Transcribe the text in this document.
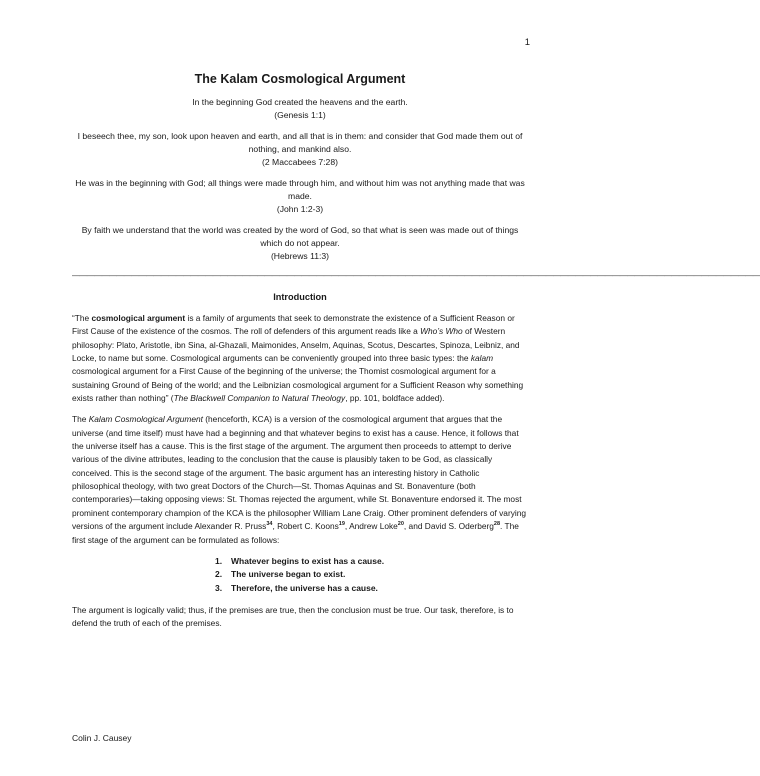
1
The Kalam Cosmological Argument
In the beginning God created the heavens and the earth.
(Genesis 1:1)
I beseech thee, my son, look upon heaven and earth, and all that is in them: and consider that God made them out of nothing, and mankind also.
(2 Maccabees 7:28)
He was in the beginning with God; all things were made through him, and without him was not anything made that was made.
(John 1:2-3)
By faith we understand that the world was created by the word of God, so that what is seen was made out of things which do not appear.
(Hebrews 11:3)
—————————————————————————————————————————————————————————————————————————————————————————————
Introduction

“The cosmological argument is a family of arguments that seek to demonstrate the existence of a Sufficient Reason or First Cause of the existence of the cosmos. The roll of defenders of this argument reads like a Who’s Who of Western philosophy: Plato, Aristotle, ibn Sina, al-Ghazali, Maimonides, Anselm, Aquinas, Scotus, Descartes, Spinoza, Leibniz, and Locke, to name but some. Cosmological arguments can be conveniently grouped into three basic types: the kalam cosmological argument for a First Cause of the beginning of the universe; the Thomist cosmological argument for a sustaining Ground of Being of the world; and the Leibnizian cosmological argument for a Sufficient Reason why something exists rather than nothing” (The Blackwell Companion to Natural Theology, pp. 101, boldface added).

The Kalam Cosmological Argument (henceforth, KCA) is a version of the cosmological argument that argues that the universe (and time itself) must have had a beginning and that whatever begins to exist has a cause. Hence, it follows that the universe itself has a cause. This is the first stage of the argument. The argument then proceeds to attempt to derive various of the divine attributes, leading to the conclusion that the cause is plausibly taken to be God, as classically conceived. This is the second stage of the argument. The basic argument has an interesting history in Catholic philosophical theology, with two great Doctors of the Church—St. Thomas Aquinas and St. Bonaventure (both contemporaries)—taking opposing views: St. Thomas rejected the argument, while St. Bonaventure endorsed it. The most prominent contemporary champion of the KCA is the philosopher William Lane Craig. Other prominent defenders of varying versions of the argument include Alexander R. Pruss$^{34}$, Robert C. Koons$^{19}$, Andrew Loke$^{20}$, and David S. Oderberg$^{28}$. The first stage of the argument can be formulated as follows:

1. Whatever begins to exist has a cause.
2. The universe began to exist.
3. Therefore, the universe has a cause.

The argument is logically valid; thus, if the premises are true, then the conclusion must be true. Our task, therefore, is to defend the truth of each of the premises.

Colin J. Causey
